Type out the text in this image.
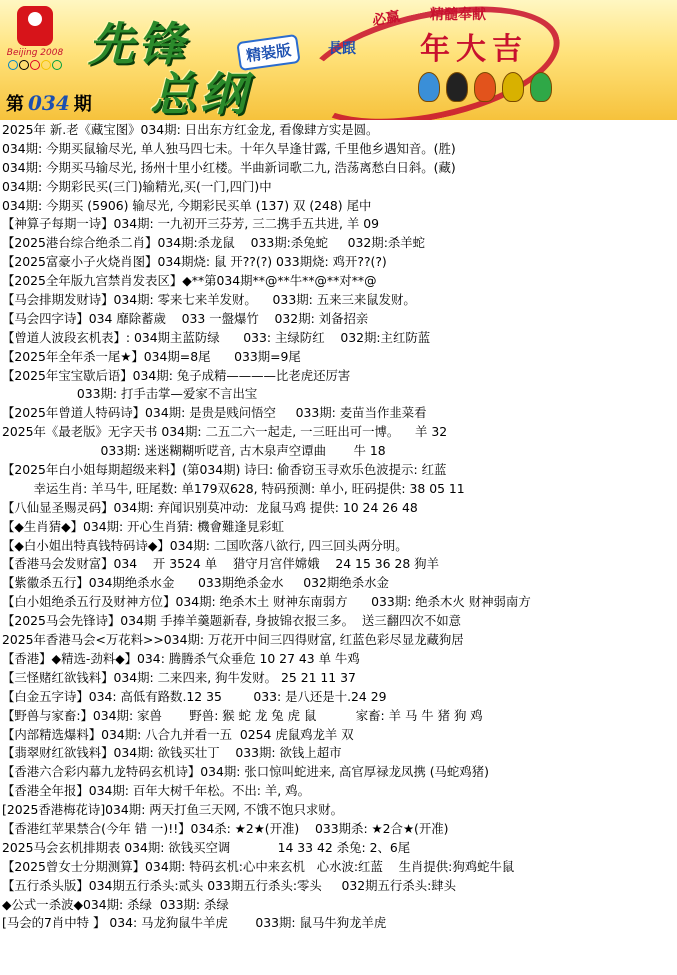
Beijing 2008 先锋	精装版
总纲
必赢 精髓奉献
長跟 年大吉
第 034 期
2025年 新.老《藏宝图》034期: 日出东方红金龙, 看像肆方实是圆。
034期: 今期买鼠输尽光, 单人独马四七未。十年久旱逢甘露, 千里他乡遇知音。(胜)
034期: 今期买马输尽光, 扬州十里小红楼。半曲新词歌二九, 浩荡离愁白日斜。(藏)
034期: 今期彩民买(三门)输精光,买(一门,四门)中
034期: 今期买 (5906) 输尽光, 今期彩民买单 (137) 双 (248) 尾中
【神算子每期一诗】034期: 一九初开三芬芳, 三二携手五共进, 羊 09
【2025港台综合绝杀二肖】034期:杀龙鼠    033期:杀兔蛇     032期:杀羊蛇
【2025富豪小子火烧肖图】034期烧: 鼠 开??(?) 033期烧: 鸡开??(?)
【2025全年版九宫禁肖发表区】◆**第034期**@**牛**@**对**@
【马会排期发财诗】034期: 零来七来羊发财。    033期: 五来三来鼠发财。
【马会四字诗】034 靡除蓄歲    033 一盤爆竹    032期: 刘备招亲
【曾道人波段玄机表】: 034期主蓝防绿      033: 主绿防红    032期:主红防蓝
【2025年全年杀一尾★】034期=8尾      033期=9尾
【2025年宝宝歇后语】034期: 兔子成精————比老虎还厉害
033期: 打手击掌—爱家不言出宝
【2025年曾道人特码诗】034期: 是贵是贱问悟空     033期: 麦苗当作韭菜看
2025年《最老版》无字天书 034期: 二五二六一起走, 一三旺出可一博。    羊 32
033期: 迷迷糊糊听呓音, 古木泉声空谭曲       牛 18
【2025年白小姐每期超级来料】(第034期) 诗曰: 偷香窃玉寻欢乐色波提示: 红蓝
幸运生肖: 羊马牛, 旺尾数: 单179双628, 特码预测: 单小, 旺码提供: 38 05 11
【八仙显圣赐灵码】034期: 弃闻识别莫冲动:  龙鼠马鸡 提供: 10 24 26 48
【◆生肖猜◆】034期: 开心生肖猜: 機會難逢見彩虹
【◆白小姐出特真钱特码诗◆】034期: 二国吹落八欲行, 四三回头两分明。
【香港马会发财富】034    开 3524 单    猎守月宫伴嫦娥    24 15 36 28 狗羊
【紫徽杀五行】034期绝杀水金      033期绝杀金水     032期绝杀水金
【白小姐绝杀五行及财神方位】034期: 绝杀木土 财神东南弱方      033期: 绝杀木火 财神弱南方
【2025马会先锋诗】034期 手捧羊羹题新春, 身披锦衣报三多。  送三翻四次不如意
2025年香港马会<万花料>>034期: 万花开中间三四得财富, 红蓝色彩尽显龙藏狗居
【香港】◆精选-劲料◆】034: 腾腾杀气众垂危 10 27 43 单 牛鸡
【三怪赌红欲钱料】034期: 二来四来, 狗牛发财。 25 21 11 37
【白金五字诗】034: 高低有路数.12 35        033: 是八还是十.24 29
【野兽与家畜:】034期: 家兽       野兽: 猴 蛇 龙 兔 虎 鼠          家畜: 羊 马 牛 猪 狗 鸡
【内部精选爆料】034期: 八合九并看一五  0254 虎鼠鸡龙羊 双
【翡翠财红欲钱料】034期: 欲钱买壮丁    033期: 欲钱上超市
【香港六合彩内幕九龙特码玄机诗】034期: 张口惊叫蛇进来, 高官厚禄龙凤携 (马蛇鸡猪)
【香港全年报】034期: 百年大树千年松。不出: 羊, 鸡。
[2025香港梅花诗]034期: 两天打鱼三天网, 不饿不饱只求财。
【香港红苹果禁合(今年 错 一)!!】034杀: ★2★(开准)    033期杀: ★2合★(开准)
2025马会玄机排期表 034期: 欲钱买空调            14 33 42 杀兔: 2、6尾
【2025曾女士分期测算】034期: 特码玄机:心中来玄机   心水波:红蓝    生肖提供:狗鸡蛇牛鼠
【五行杀头版】034期五行杀头:贰头 033期五行杀头:零头     032期五行杀头:肆头
◆公式一杀波◆034期: 杀绿  033期: 杀绿
[马会的7肖中特 】 034: 马龙狗鼠牛羊虎       033期: 鼠马牛狗龙羊虎
